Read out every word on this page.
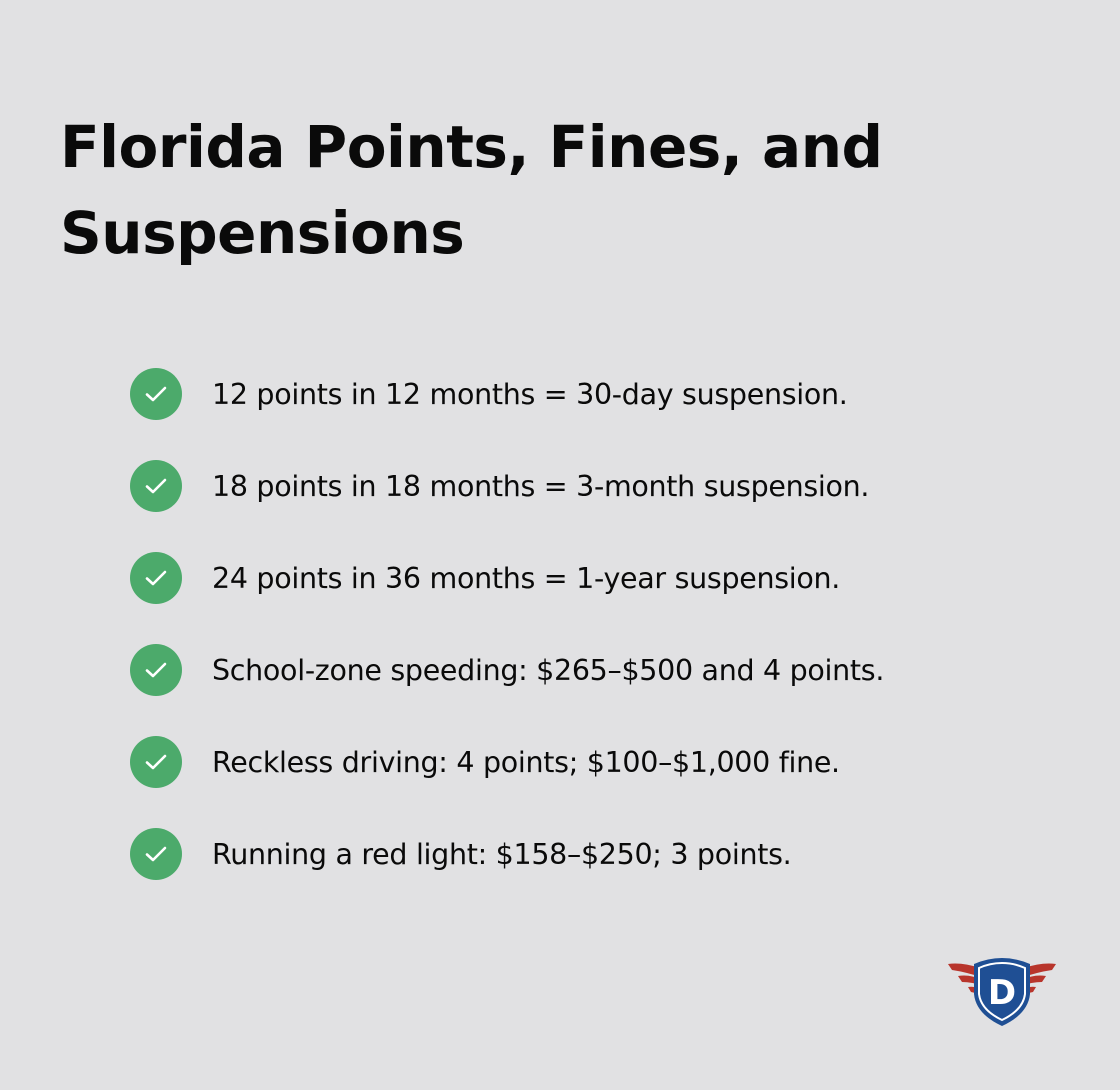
Florida Points, Fines, and Suspensions
12 points in 12 months = 30-day suspension.
18 points in 18 months = 3-month suspension.
24 points in 36 months = 1-year suspension.
School-zone speeding: $265–$500 and 4 points.
Reckless driving: 4 points; $100–$1,000 fine.
Running a red light: $158–$250; 3 points.
D
